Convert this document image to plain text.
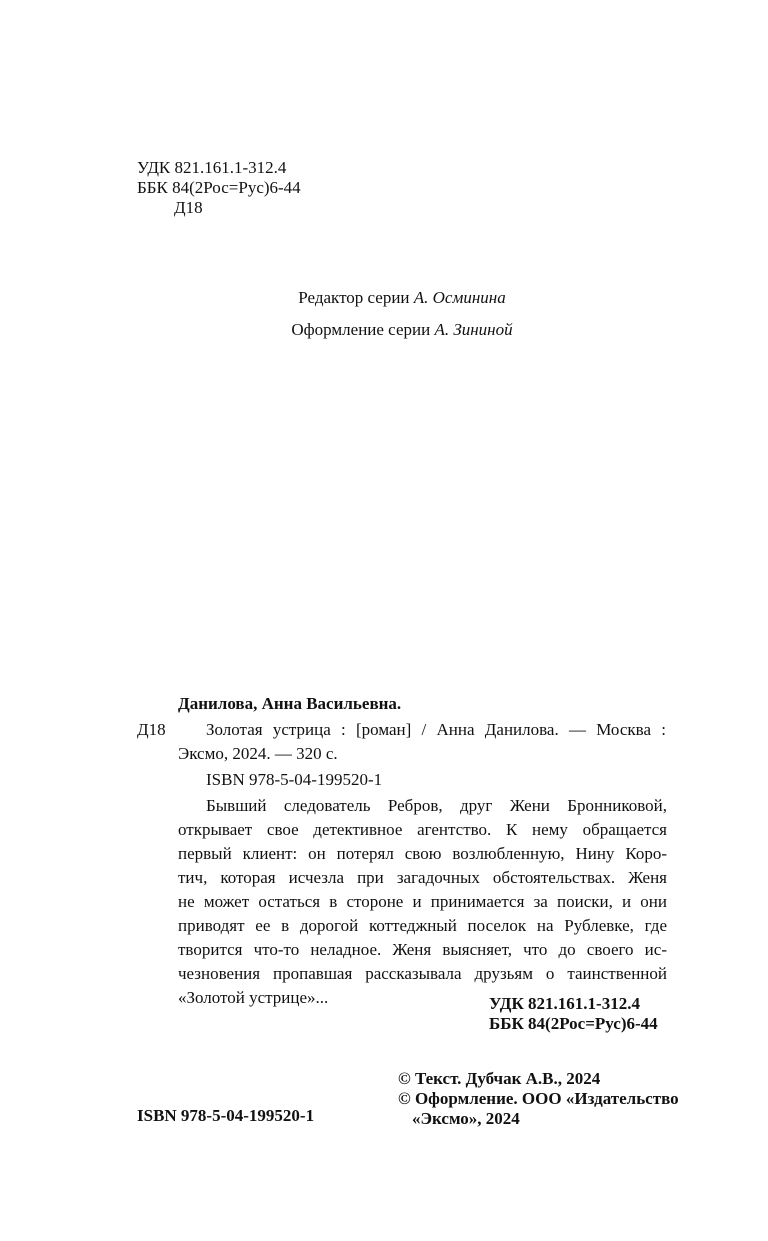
УДК 821.161.1-312.4
ББК 84(2Рос=Рус)6-44
Д18
Редактор серии А. Осминина
Оформление серии А. Зининой
Данилова, Анна Васильевна.
Д18 Золотая устрица : [роман] / Анна Данилова. — Москва :
Эксмо, 2024. — 320 с.
ISBN 978-5-04-199520-1
Бывший следователь Ребров, друг Жени Бронниковой,
открывает свое детективное агентство. К нему обращается
первый клиент: он потерял свою возлюбленную, Нину Коро-
тич, которая исчезла при загадочных обстоятельствах. Женя
не может остаться в стороне и принимается за поиски, и они
приводят ее в дорогой коттеджный поселок на Рублевке, где
творится что-то неладное. Женя выясняет, что до своего ис-
чезновения пропавшая рассказывала друзьям о таинственной
«Золотой устрице»...	УДК 821.161.1-312.4
ББК 84(2Рос=Рус)6-44
© Текст. Дубчак А.В., 2024
© Оформление. ООО «Издательство
«Эксмо», 2024
ISBN 978-5-04-199520-1
